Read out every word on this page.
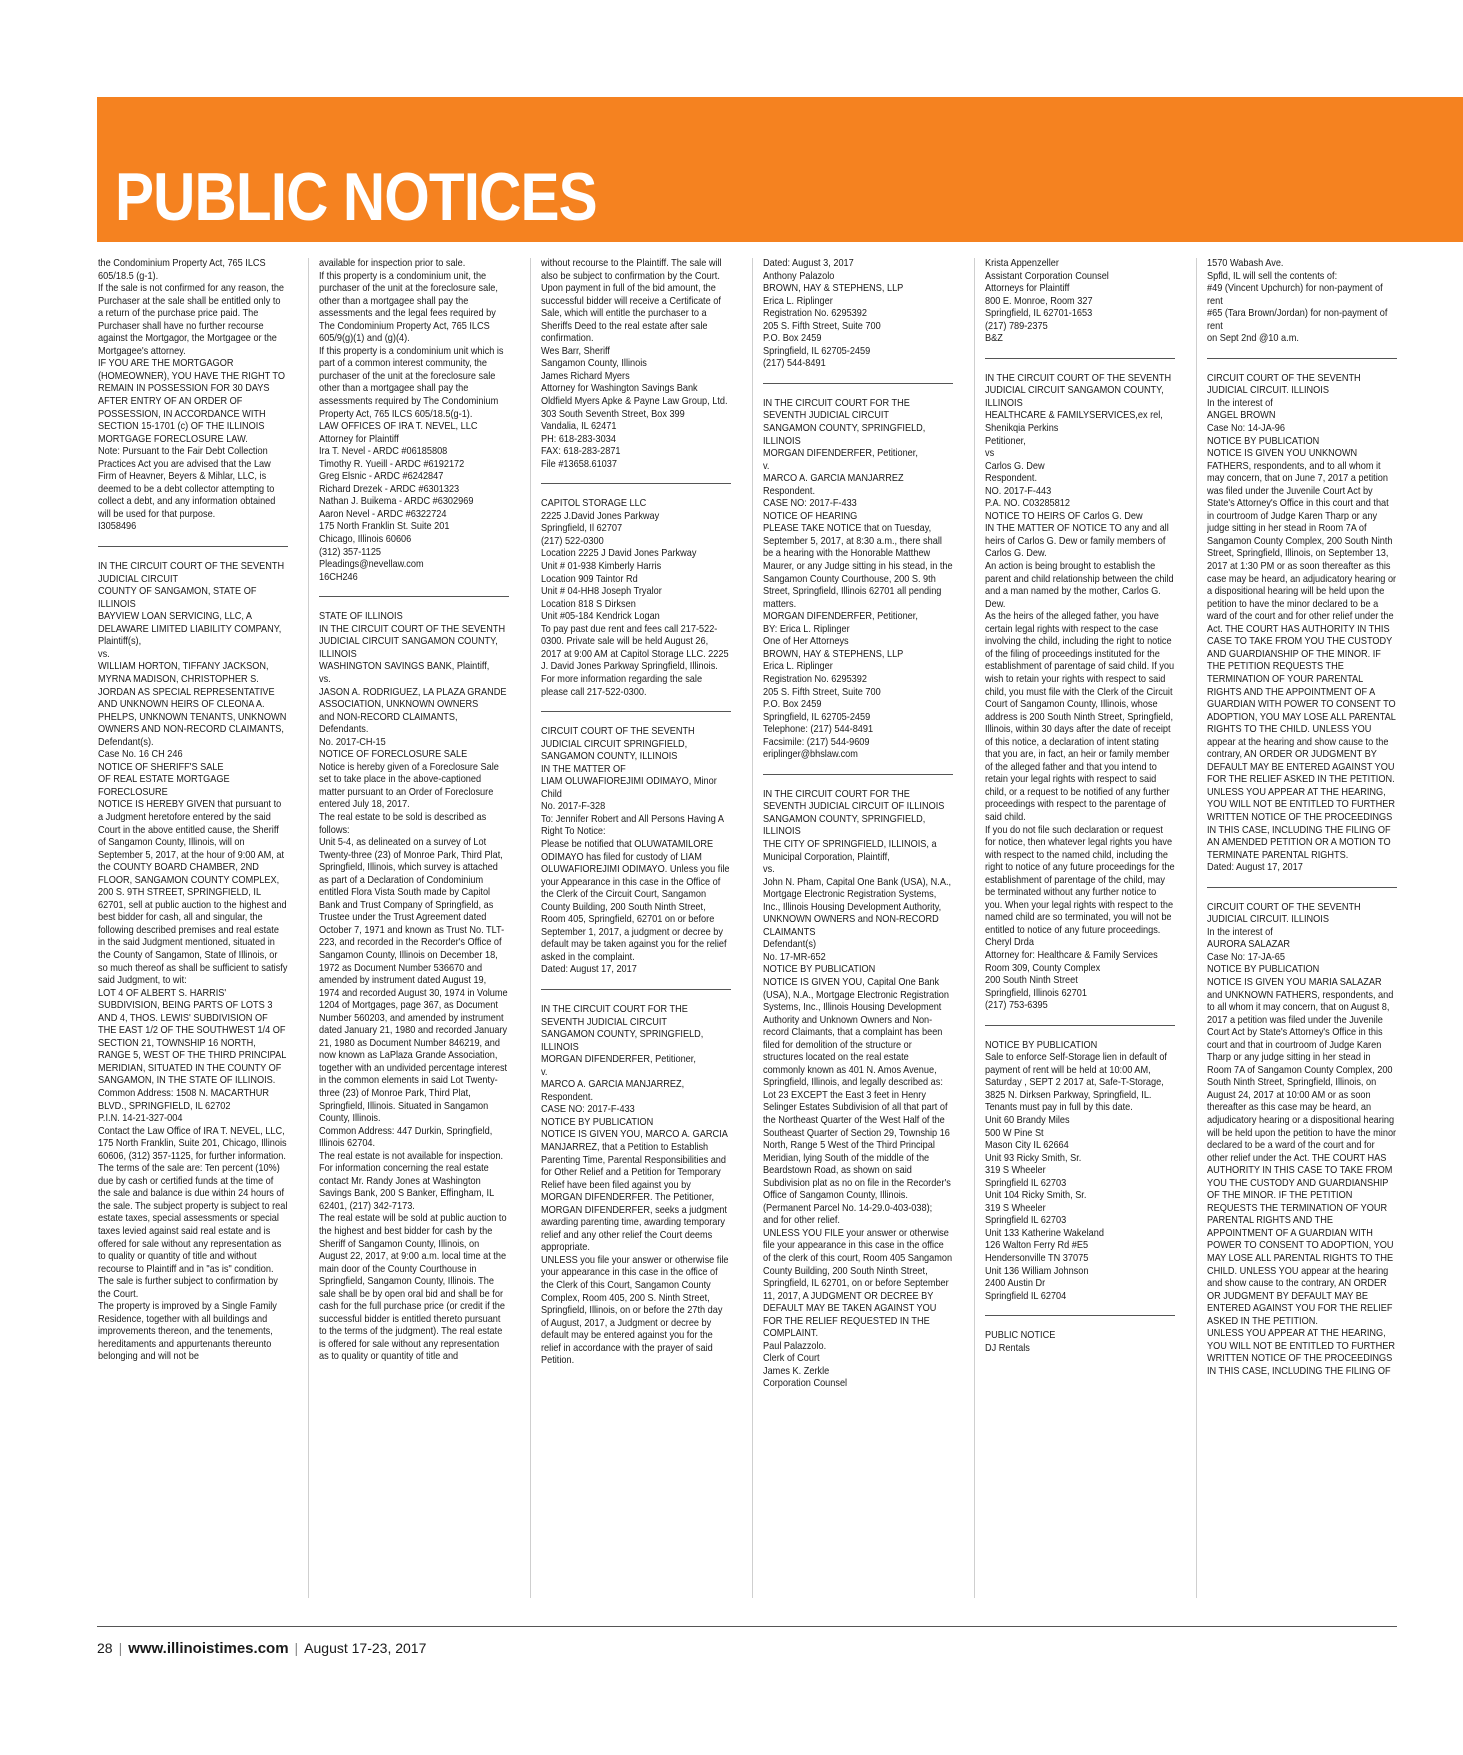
PUBLIC NOTICES

the Condominium Property Act, 765 ILCS 605/18.5 (g-1).
If the sale is not confirmed for any reason, the Purchaser at the sale shall be entitled only to a return of the purchase price paid. The Purchaser shall have no further recourse against the Mortgagor, the Mortgagee or the Mortgagee's attorney.
IF YOU ARE THE MORTGAGOR (HOMEOWNER), YOU HAVE THE RIGHT TO REMAIN IN POSSESSION FOR 30 DAYS AFTER ENTRY OF AN ORDER OF POSSESSION, IN ACCORDANCE WITH SECTION 15-1701 (c) OF THE ILLINOIS MORTGAGE FORECLOSURE LAW.
Note: Pursuant to the Fair Debt Collection Practices Act you are advised that the Law Firm of Heavner, Beyers & Mihlar, LLC, is deemed to be a debt collector attempting to collect a debt, and any information obtained will be used for that purpose.
I3058496

IN THE CIRCUIT COURT OF THE SEVENTH JUDICIAL CIRCUIT
COUNTY OF SANGAMON, STATE OF ILLINOIS
BAYVIEW LOAN SERVICING, LLC, A DELAWARE LIMITED LIABILITY COMPANY, Plaintiff(s),
vs.
WILLIAM HORTON, TIFFANY JACKSON, MYRNA MADISON, CHRISTOPHER S. JORDAN AS SPECIAL REPRESENTATIVE AND UNKNOWN HEIRS OF CLEONA A. PHELPS, UNKNOWN TENANTS, UNKNOWN OWNERS AND NON-RECORD CLAIMANTS, Defendant(s).
Case No. 16 CH 246
NOTICE OF SHERIFF'S SALE
OF REAL ESTATE MORTGAGE FORECLOSURE
NOTICE IS HEREBY GIVEN that pursuant to a Judgment heretofore entered by the said Court in the above entitled cause, the Sheriff of Sangamon County, Illinois, will on September 5, 2017, at the hour of 9:00 AM, at the COUNTY BOARD CHAMBER, 2ND FLOOR, SANGAMON COUNTY COMPLEX, 200 S. 9TH STREET, SPRINGFIELD, IL 62701, sell at public auction to the highest and best bidder for cash, all and singular, the following described premises and real estate in the said Judgment mentioned, situated in the County of Sangamon, State of Illinois, or so much thereof as shall be sufficient to satisfy said Judgment, to wit:
LOT 4 OF ALBERT S. HARRIS' SUBDIVISION, BEING PARTS OF LOTS 3 AND 4, THOS. LEWIS' SUBDIVISION OF THE EAST 1/2 OF THE SOUTHWEST 1/4 OF SECTION 21, TOWNSHIP 16 NORTH, RANGE 5, WEST OF THE THIRD PRINCIPAL MERIDIAN, SITUATED IN THE COUNTY OF SANGAMON, IN THE STATE OF ILLINOIS.
Common Address: 1508 N. MACARTHUR BLVD., SPRINGFIELD, IL 62702
P.I.N. 14-21-327-004
Contact the Law Office of IRA T. NEVEL, LLC, 175 North Franklin, Suite 201, Chicago, Illinois 60606, (312) 357-1125, for further information.
The terms of the sale are: Ten percent (10%) due by cash or certified funds at the time of the sale and balance is due within 24 hours of the sale. The subject property is subject to real estate taxes, special assessments or special taxes levied against said real estate and is offered for sale without any representation as to quality or quantity of title and without recourse to Plaintiff and in "as is" condition. The sale is further subject to confirmation by the Court.
The property is improved by a Single Family Residence, together with all buildings and improvements thereon, and the tenements, hereditaments and appurtenants thereunto belonging and will not be

available for inspection prior to sale.
If this property is a condominium unit, the purchaser of the unit at the foreclosure sale, other than a mortgagee shall pay the assessments and the legal fees required by The Condominium Property Act, 765 ILCS 605/9(g)(1) and (g)(4).
If this property is a condominium unit which is part of a common interest community, the purchaser of the unit at the foreclosure sale other than a mortgagee shall pay the assessments required by The Condominium Property Act, 765 ILCS 605/18.5(g-1).
LAW OFFICES OF IRA T. NEVEL, LLC
Attorney for Plaintiff
Ira T. Nevel - ARDC #06185808
Timothy R. Yueill - ARDC #6192172
Greg Elsnic - ARDC #6242847
Richard Drezek - ARDC #6301323
Nathan J. Buikema - ARDC #6302969
Aaron Nevel - ARDC #6322724
175 North Franklin St. Suite 201
Chicago, Illinois 60606
(312) 357-1125
Pleadings@nevellaw.com
16CH246

STATE OF ILLINOIS
IN THE CIRCUIT COURT OF THE SEVENTH JUDICIAL CIRCUIT SANGAMON COUNTY, ILLINOIS
WASHINGTON SAVINGS BANK, Plaintiff,
vs.
JASON A. RODRIGUEZ, LA PLAZA GRANDE ASSOCIATION, UNKNOWN OWNERS
and NON-RECORD CLAIMANTS, Defendants.
No. 2017-CH-15
NOTICE OF FORECLOSURE SALE
Notice is hereby given of a Foreclosure Sale set to take place in the above-captioned matter pursuant to an Order of Foreclosure entered July 18, 2017.
The real estate to be sold is described as follows:
Unit 5-4, as delineated on a survey of Lot Twenty-three (23) of Monroe Park, Third Plat, Springfield, Illinois, which survey is attached as part of a Declaration of Condominium entitled Flora Vista South made by Capitol Bank and Trust Company of Springfield, as Trustee under the Trust Agreement dated October 7, 1971 and known as Trust No. TLT-223, and recorded in the Recorder's Office of Sangamon County, Illinois on December 18, 1972 as Document Number 536670 and amended by instrument dated August 19, 1974 and recorded August 30, 1974 in Volume 1204 of Mortgages, page 367, as Document Number 560203, and amended by instrument dated January 21, 1980 and recorded January 21, 1980 as Document Number 846219, and now known as LaPlaza Grande Association, together with an undivided percentage interest in the common elements in said Lot Twenty-three (23) of Monroe Park, Third Plat, Springfield, Illinois. Situated in Sangamon County, Illinois.
Common Address: 447 Durkin, Springfield, Illinois 62704.
The real estate is not available for inspection. For information concerning the real estate contact Mr. Randy Jones at Washington Savings Bank, 200 S Banker, Effingham, IL 62401, (217) 342-7173.
The real estate will be sold at public auction to the highest and best bidder for cash by the Sheriff of Sangamon County, Illinois, on August 22, 2017, at 9:00 a.m. local time at the main door of the County Courthouse in Springfield, Sangamon County, Illinois. The sale shall be by open oral bid and shall be for cash for the full purchase price (or credit if the successful bidder is entitled thereto pursuant to the terms of the judgment). The real estate is offered for sale without any representation as to quality or quantity of title and

without recourse to the Plaintiff. The sale will also be subject to confirmation by the Court.
Upon payment in full of the bid amount, the successful bidder will receive a Certificate of Sale, which will entitle the purchaser to a Sheriffs Deed to the real estate after sale confirmation.
Wes Barr, Sheriff
Sangamon County, Illinois
James Richard Myers
Attorney for Washington Savings Bank
Oldfield Myers Apke & Payne Law Group, Ltd.
303 South Seventh Street, Box 399
Vandalia, IL 62471
PH: 618-283-3034
FAX: 618-283-2871
File #13658.61037

CAPITOL STORAGE LLC
2225 J.David Jones Parkway
Springfield, Il 62707
(217) 522-0300
Location 2225 J David Jones Parkway
Unit # 01-938 Kimberly Harris
Location 909 Taintor Rd
Unit # 04-HH8 Joseph Tryalor
Location 818 S Dirksen
Unit #05-184 Kendrick Logan
To pay past due rent and fees call 217-522-0300. Private sale will be held August 26, 2017 at 9:00 AM at Capitol Storage LLC. 2225 J. David Jones Parkway Springfield, Illinois. For more information regarding the sale please call 217-522-0300.

CIRCUIT COURT OF THE SEVENTH JUDICIAL CIRCUIT SPRINGFIELD, SANGAMON COUNTY, ILLINOIS
IN THE MATTER OF
LIAM OLUWAFIOREJIMI ODIMAYO, Minor Child
No. 2017-F-328
To: Jennifer Robert and All Persons Having A Right To Notice:
Please be notified that OLUWATAMILORE ODIMAYO has filed for custody of LIAM OLUWAFIOREJIMI ODIMAYO. Unless you file your Appearance in this case in the Office of the Clerk of the Circuit Court, Sangamon County Building, 200 South Ninth Street, Room 405, Springfield, 62701 on or before September 1, 2017, a judgment or decree by default may be taken against you for the relief asked in the complaint.
Dated: August 17, 2017

IN THE CIRCUIT COURT FOR THE SEVENTH JUDICIAL CIRCUIT
SANGAMON COUNTY, SPRINGFIELD, ILLINOIS
MORGAN DIFENDERFER, Petitioner,
v.
MARCO A. GARCIA MANJARREZ, Respondent.
CASE NO: 2017-F-433
NOTICE BY PUBLICATION
NOTICE IS GIVEN YOU, MARCO A. GARCIA MANJARREZ, that a Petition to Establish Parenting Time, Parental Responsibilities and for Other Relief and a Petition for Temporary Relief have been filed against you by MORGAN DIFENDERFER. The Petitioner, MORGAN DIFENDERFER, seeks a judgment awarding parenting time, awarding temporary relief and any other relief the Court deems appropriate.
UNLESS you file your answer or otherwise file your appearance in this case in the office of the Clerk of this Court, Sangamon County Complex, Room 405, 200 S. Ninth Street, Springfield, Illinois, on or before the 27th day of August, 2017, a Judgment or decree by default may be entered against you for the relief in accordance with the prayer of said Petition.

Dated: August 3, 2017
Anthony Palazolo
BROWN, HAY & STEPHENS, LLP
Erica L. Riplinger
Registration No. 6295392
205 S. Fifth Street, Suite 700
P.O. Box 2459
Springfield, IL 62705-2459
(217) 544-8491

IN THE CIRCUIT COURT FOR THE SEVENTH JUDICIAL CIRCUIT
SANGAMON COUNTY, SPRINGFIELD, ILLINOIS
MORGAN DIFENDERFER, Petitioner,
v.
MARCO A. GARCIA MANJARREZ
Respondent.
CASE NO: 2017-F-433
NOTICE OF HEARING
PLEASE TAKE NOTICE that on Tuesday, September 5, 2017, at 8:30 a.m., there shall be a hearing with the Honorable Matthew Maurer, or any Judge sitting in his stead, in the Sangamon County Courthouse, 200 S. 9th Street, Springfield, Illinois 62701 all pending matters.
MORGAN DIFENDERFER, Petitioner,
BY: Erica L. Riplinger
One of Her Attorneys
BROWN, HAY & STEPHENS, LLP
Erica L. Riplinger
Registration No. 6295392
205 S. Fifth Street, Suite 700
P.O. Box 2459
Springfield, IL 62705-2459
Telephone: (217) 544-8491
Facsimile: (217) 544-9609
eriplinger@bhslaw.com

IN THE CIRCUIT COURT FOR THE SEVENTH JUDICIAL CIRCUIT OF ILLINOIS SANGAMON COUNTY, SPRINGFIELD, ILLINOIS
THE CITY OF SPRINGFIELD, ILLINOIS, a Municipal Corporation, Plaintiff,
vs.
John N. Pham, Capital One Bank (USA), N.A., Mortgage Electronic Registration Systems, Inc., Illinois Housing Development Authority, UNKNOWN OWNERS and NON-RECORD CLAIMANTS
Defendant(s)
No. 17-MR-652
NOTICE BY PUBLICATION
NOTICE IS GIVEN YOU, Capital One Bank (USA), N.A., Mortgage Electronic Registration Systems, Inc., Illinois Housing Development Authority and Unknown Owners and Non-record Claimants, that a complaint has been filed for demolition of the structure or structures located on the real estate commonly known as 401 N. Amos Avenue, Springfield, Illinois, and legally described as:
Lot 23 EXCEPT the East 3 feet in Henry Selinger Estates Subdivision of all that part of the Northeast Quarter of the West Half of the Southeast Quarter of Section 29, Township 16 North, Range 5 West of the Third Principal Meridian, lying South of the middle of the Beardstown Road, as shown on said Subdivision plat as no on file in the Recorder's Office of Sangamon County, Illinois.
(Permanent Parcel No. 14-29.0-403-038);
and for other relief.
UNLESS YOU FILE your answer or otherwise file your appearance in this case in the office of the clerk of this court, Room 405 Sangamon County Building, 200 South Ninth Street, Springfield, IL 62701, on or before September 11, 2017, A JUDGMENT OR DECREE BY DEFAULT MAY BE TAKEN AGAINST YOU FOR THE RELIEF REQUESTED IN THE COMPLAINT.
Paul Palazzolo.
Clerk of Court
James K. Zerkle
Corporation Counsel

Krista Appenzeller
Assistant Corporation Counsel
Attorneys for Plaintiff
800 E. Monroe, Room 327
Springfield, IL 62701-1653
(217) 789-2375
B&Z

IN THE CIRCUIT COURT OF THE SEVENTH JUDICIAL CIRCUIT SANGAMON COUNTY, ILLINOIS
HEALTHCARE & FAMILYSERVICES,ex rel, Shenikqia Perkins
Petitioner,
vs
Carlos G. Dew
Respondent.
NO. 2017-F-443
P.A. NO. C03285812
NOTICE TO HEIRS OF Carlos G. Dew
IN THE MATTER OF NOTICE TO any and all heirs of Carlos G. Dew or family members of Carlos G. Dew.
An action is being brought to establish the parent and child relationship between the child and a man named by the mother, Carlos G. Dew.
As the heirs of the alleged father, you have certain legal rights with respect to the case involving the child, including the right to notice of the filing of proceedings instituted for the establishment of parentage of said child. If you wish to retain your rights with respect to said child, you must file with the Clerk of the Circuit Court of Sangamon County, Illinois, whose address is 200 South Ninth Street, Springfield, Illinois, within 30 days after the date of receipt of this notice, a declaration of intent stating that you are, in fact, an heir or family member of the alleged father and that you intend to retain your legal rights with respect to said child, or a request to be notified of any further proceedings with respect to the parentage of said child.
If you do not file such declaration or request for notice, then whatever legal rights you have with respect to the named child, including the right to notice of any future proceedings for the establishment of parentage of the child, may be terminated without any further notice to you. When your legal rights with respect to the named child are so terminated, you will not be entitled to notice of any future proceedings.
Cheryl Drda
Attorney for: Healthcare & Family Services
Room 309, County Complex
200 South Ninth Street
Springfield, Illinois 62701
(217) 753-6395

NOTICE BY PUBLICATION
Sale to enforce Self-Storage lien in default of payment of rent will be held at 10:00 AM, Saturday , SEPT 2 2017 at, Safe-T-Storage, 3825 N. Dirksen Parkway, Springfield, IL. Tenants must pay in full by this date.
Unit 60 Brandy Miles
500 W Pine St
Mason City IL 62664
Unit 93 Ricky Smith, Sr.
319 S Wheeler
Springfield IL 62703
Unit 104 Ricky Smith, Sr.
319 S Wheeler
Springfield IL 62703
Unit 133 Katherine Wakeland
126 Walton Ferry Rd #E5
Hendersonville TN 37075
Unit 136 William Johnson
2400 Austin Dr
Springfield IL 62704

PUBLIC NOTICE
DJ Rentals

1570 Wabash Ave.
Spfld, IL will sell the contents of:
#49 (Vincent Upchurch) for non-payment of rent
#65 (Tara Brown/Jordan) for non-payment of rent
on Sept 2nd @10 a.m.

CIRCUIT COURT OF THE SEVENTH JUDICIAL CIRCUIT. ILLINOIS
In the interest of
ANGEL BROWN
Case No: 14-JA-96
NOTICE BY PUBLICATION
NOTICE IS GIVEN YOU UNKNOWN FATHERS, respondents, and to all whom it may concern, that on June 7, 2017 a petition was filed under the Juvenile Court Act by State's Attorney's Office in this court and that in courtroom of Judge Karen Tharp or any judge sitting in her stead in Room 7A of Sangamon County Complex, 200 South Ninth Street, Springfield, Illinois, on September 13, 2017 at 1:30 PM or as soon thereafter as this case may be heard, an adjudicatory hearing or a dispositional hearing will be held upon the petition to have the minor declared to be a ward of the court and for other relief under the Act. THE COURT HAS AUTHORITY IN THIS CASE TO TAKE FROM YOU THE CUSTODY AND GUARDIANSHIP OF THE MINOR. IF THE PETITION REQUESTS THE TERMINATION OF YOUR PARENTAL RIGHTS AND THE APPOINTMENT OF A GUARDIAN WITH POWER TO CONSENT TO ADOPTION, YOU MAY LOSE ALL PARENTAL RIGHTS TO THE CHILD. UNLESS YOU appear at the hearing and show cause to the contrary, AN ORDER OR JUDGMENT BY DEFAULT MAY BE ENTERED AGAINST YOU FOR THE RELIEF ASKED IN THE PETITION.
UNLESS YOU APPEAR AT THE HEARING, YOU WILL NOT BE ENTITLED TO FURTHER WRITTEN NOTICE OF THE PROCEEDINGS IN THIS CASE, INCLUDING THE FILING OF AN AMENDED PETITION OR A MOTION TO TERMINATE PARENTAL RIGHTS.
Dated: August 17, 2017

CIRCUIT COURT OF THE SEVENTH JUDICIAL CIRCUIT. ILLINOIS
In the interest of
AURORA SALAZAR
Case No: 17-JA-65
NOTICE BY PUBLICATION
NOTICE IS GIVEN YOU MARIA SALAZAR and UNKNOWN FATHERS, respondents, and to all whom it may concern, that on August 8, 2017 a petition was filed under the Juvenile Court Act by State's Attorney's Office in this court and that in courtroom of Judge Karen Tharp or any judge sitting in her stead in Room 7A of Sangamon County Complex, 200 South Ninth Street, Springfield, Illinois, on August 24, 2017 at 10:00 AM or as soon thereafter as this case may be heard, an adjudicatory hearing or a dispositional hearing will be held upon the petition to have the minor declared to be a ward of the court and for other relief under the Act. THE COURT HAS AUTHORITY IN THIS CASE TO TAKE FROM YOU THE CUSTODY AND GUARDIANSHIP OF THE MINOR. IF THE PETITION REQUESTS THE TERMINATION OF YOUR PARENTAL RIGHTS AND THE APPOINTMENT OF A GUARDIAN WITH POWER TO CONSENT TO ADOPTION, YOU MAY LOSE ALL PARENTAL RIGHTS TO THE CHILD. UNLESS YOU appear at the hearing and show cause to the contrary, AN ORDER OR JUDGMENT BY DEFAULT MAY BE ENTERED AGAINST YOU FOR THE RELIEF ASKED IN THE PETITION.
UNLESS YOU APPEAR AT THE HEARING, YOU WILL NOT BE ENTITLED TO FURTHER WRITTEN NOTICE OF THE PROCEEDINGS IN THIS CASE, INCLUDING THE FILING OF

28 | www.illinoistimes.com | August 17-23, 2017
